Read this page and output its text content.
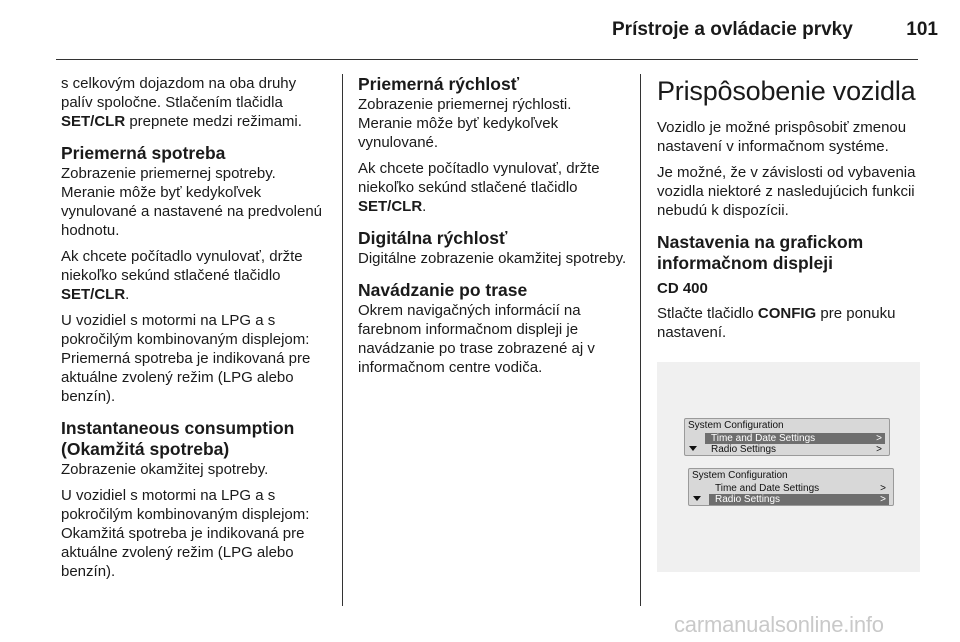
Prístroje a ovládacie prvky	101

s celkovým dojazdom na oba druhy palív spoločne. Stlačením tlačidla SET/CLR prepnete medzi režimami.

Priemerná spotreba

Zobrazenie priemernej spotreby. Meranie môže byť kedykoľvek vynulované a nastavené na predvolenú hodnotu.

Ak chcete počítadlo vynulovať, držte niekoľko sekúnd stlačené tlačidlo SET/CLR.

U vozidiel s motormi na LPG a s pokročilým kombinovaným displejom: Priemerná spotreba je indikovaná pre aktuálne zvolený režim (LPG alebo benzín).

Instantaneous consumption (Okamžitá spotreba)

Zobrazenie okamžitej spotreby.

U vozidiel s motormi na LPG a s pokročilým kombinovaným displejom: Okamžitá spotreba je indikovaná pre aktuálne zvolený režim (LPG alebo benzín).

Priemerná rýchlosť

Zobrazenie priemernej rýchlosti. Meranie môže byť kedykoľvek vynulované.

Ak chcete počítadlo vynulovať, držte niekoľko sekúnd stlačené tlačidlo SET/CLR.

Digitálna rýchlosť

Digitálne zobrazenie okamžitej spotreby.

Navádzanie po trase

Okrem navigačných informácií na farebnom informačnom displeji je navádzanie po trase zobrazené aj v informačnom centre vodiča.

Prispôsobenie vozidla

Vozidlo je možné prispôsobiť zmenou nastavení v informačnom systéme.

Je možné, že v závislosti od vybavenia vozidla niektoré z nasledujúcich funkcii nebudú k dispozícii.

Nastavenia na grafickom informačnom displeji
CD 400

Stlačte tlačidlo CONFIG pre ponuku nastavení.

System Configuration
Time and Date Settings	>
Radio Settings	>
System Configuration
Time and Date Settings	>
Radio Settings	>
carmanualsonline.info
